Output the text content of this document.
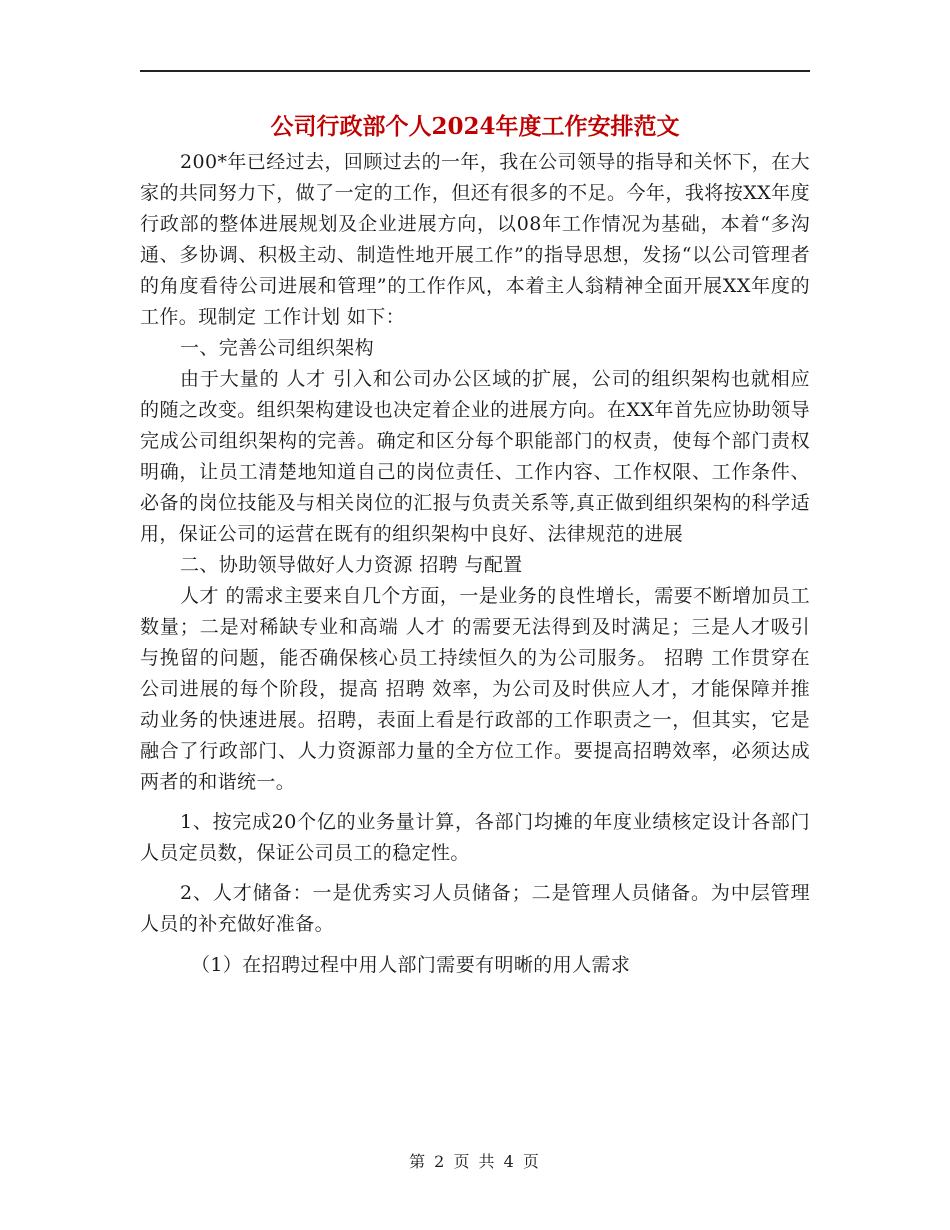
公司行政部个人2024年度工作安排范文

200*年已经过去，回顾过去的一年，我在公司领导的指导和关怀下，在大家的共同努力下，做了一定的工作，但还有很多的不足。今年，我将按XX年度行政部的整体进展规划及企业进展方向，以08年工作情况为基础，本着“多沟通、多协调、积极主动、制造性地开展工作”的指导思想，发扬“以公司管理者的角度看待公司进展和管理”的工作作风，本着主人翁精神全面开展XX年度的工作。现制定 工作计划 如下：

一、完善公司组织架构

由于大量的 人才 引入和公司办公区域的扩展，公司的组织架构也就相应的随之改变。组织架构建设也决定着企业的进展方向。在XX年首先应协助领导完成公司组织架构的完善。确定和区分每个职能部门的权责，使每个部门责权明确，让员工清楚地知道自己的岗位责任、工作内容、工作权限、工作条件、必备的岗位技能及与相关岗位的汇报与负责关系等,真正做到组织架构的科学适用，保证公司的运营在既有的组织架构中良好、法律规范的进展

二、协助领导做好人力资源 招聘 与配置

人才 的需求主要来自几个方面，一是业务的良性增长，需要不断增加员工数量；二是对稀缺专业和高端 人才 的需要无法得到及时满足；三是人才吸引与挽留的问题，能否确保核心员工持续恒久的为公司服务。 招聘 工作贯穿在公司进展的每个阶段，提高 招聘 效率，为公司及时供应人才，才能保障并推动业务的快速进展。招聘，表面上看是行政部的工作职责之一，但其实，它是融合了行政部门、人力资源部力量的全方位工作。要提高招聘效率，必须达成两者的和谐统一。

1、按完成20个亿的业务量计算，各部门均摊的年度业绩核定设计各部门人员定员数，保证公司员工的稳定性。

2、人才储备：一是优秀实习人员储备；二是管理人员储备。为中层管理人员的补充做好准备。

（1）在招聘过程中用人部门需要有明晰的用人需求

第 2 页 共 4 页
